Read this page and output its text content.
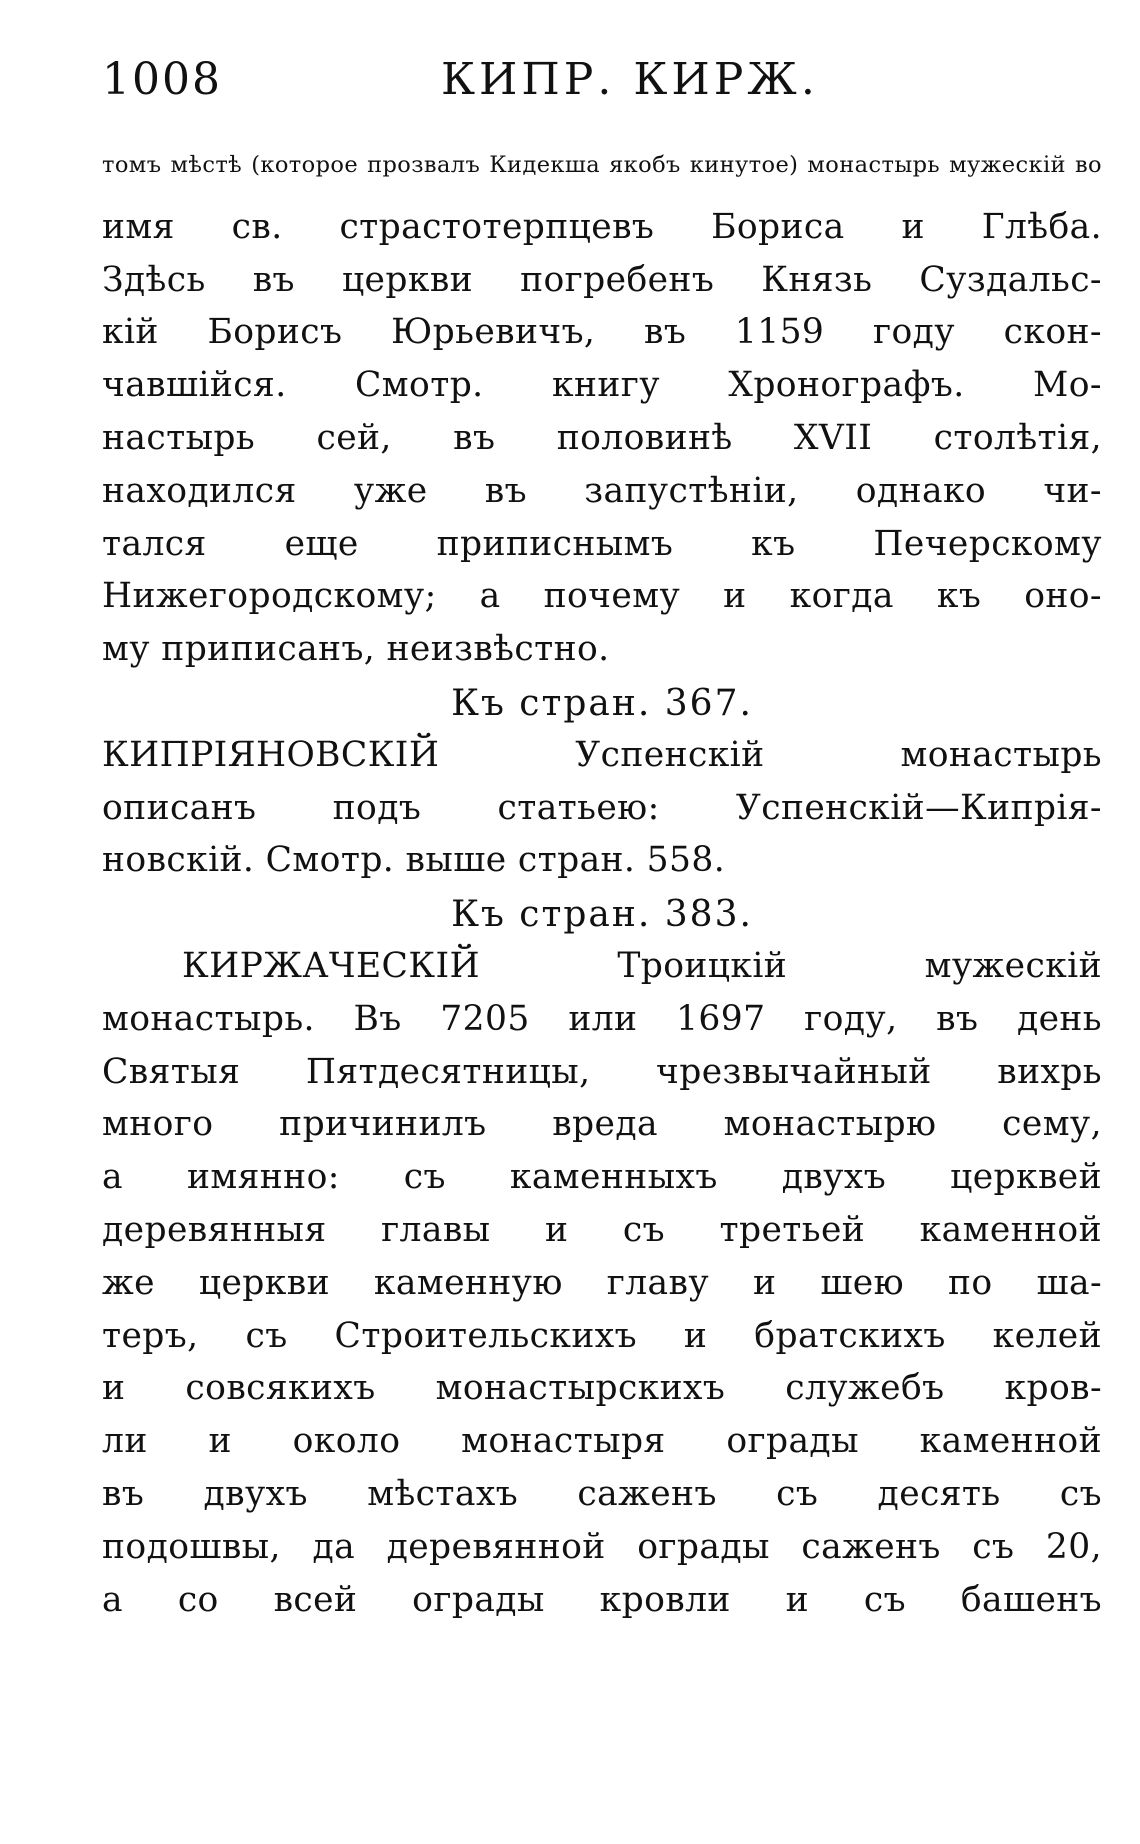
1008	КИПР. КИРЖ.
томъ мѣстѣ (которое прозвалъ Кидекша якобъ кинутое) монастырь мужескій во
имя св. страстотерпцевъ Бориса и Глѣба.
Здѣсь въ церкви погребенъ Князь Суздальс-
кій Борисъ Юрьевичъ, въ 1159 году скон-
чавшійся. Смотр. книгу Хронографъ. Мо-
настырь сей, въ половинѣ XVII столѣтія,
находился уже въ запустѣніи, однако чи-
тался еще приписнымъ къ Печерскому
Нижегородскому; а почему и когда къ оно-
му приписанъ, неизвѣстно.
Къ стран. 367.
КИПРІЯНОВСКІЙ Успенскій монастырь
описанъ подъ статьею: Успенскій—Кипрія-
новскій. Смотр. выше стран. 558.
Къ стран. 383.
КИРЖАЧЕСКІЙ Троицкій мужескій
монастырь. Въ 7205 или 1697 году, въ день
Святыя Пятдесятницы, чрезвычайный вихрь
много причинилъ вреда монастырю сему,
а имянно: съ каменныхъ двухъ церквей
деревянныя главы и съ третьей каменной
же церкви каменную главу и шею по ша-
теръ, съ Строительскихъ и братскихъ келей
и совсякихъ монастырскихъ служебъ кров-
ли и около монастыря ограды каменной
въ двухъ мѣстахъ саженъ съ десять съ
подошвы, да деревянной ограды саженъ съ 20,
а со всей ограды кровли и съ башенъ
